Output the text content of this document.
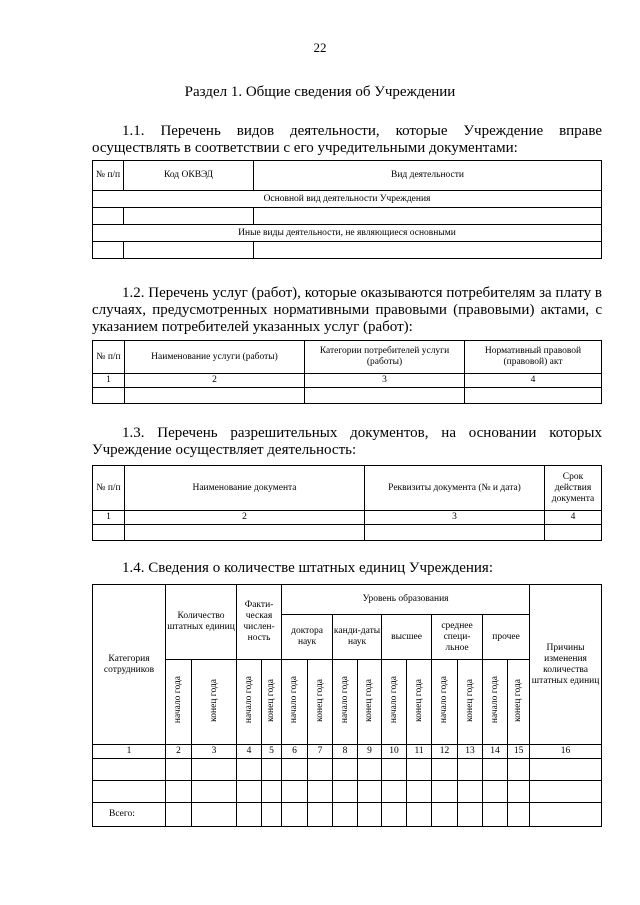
22
Раздел 1. Общие сведения об Учреждении
1.1. Перечень видов деятельности, которые Учреждение вправе осуществлять в соответствии с его учредительными документами:
№ п/п	Код ОКВЭД	Вид деятельности
Основной вид деятельности Учреждения		

Иные виды деятельности, не являющиеся основными		

1.2. Перечень услуг (работ), которые оказываются потребителям за плату в случаях, предусмотренных нормативными правовыми (правовыми) актами, с указанием потребителей указанных услуг (работ):
№ п/п	Наименование услуги (работы)	Категории потребителей услуги (работы)	Нормативный правовой (правовой) акт
1	2	3	4

1.3. Перечень разрешительных документов, на основании которых Учреждение осуществляет деятельность:
№ п/п	Наименование документа	Реквизиты документа (№ и дата)	Срок действия документа
1	2	3	4

1.4. Сведения о количестве штатных единиц Учреждения:
Категория сотрудников	Количество штатных единиц		Факти-ческая числен-ность		Уровень образования										Причины изменения количества штатных единиц
					доктора наук		канди-даты наук		высшее		среднее специ-льное		прочее		
	начало года	конец года	начало года	конец года	начало года	конец года	начало года	конец года	начало года	конец года	начало года	конец года	начало года	конец года	
1	2	3	4	5	6	7	8	9	10	11	12	13	14	15	16

Всего:															
